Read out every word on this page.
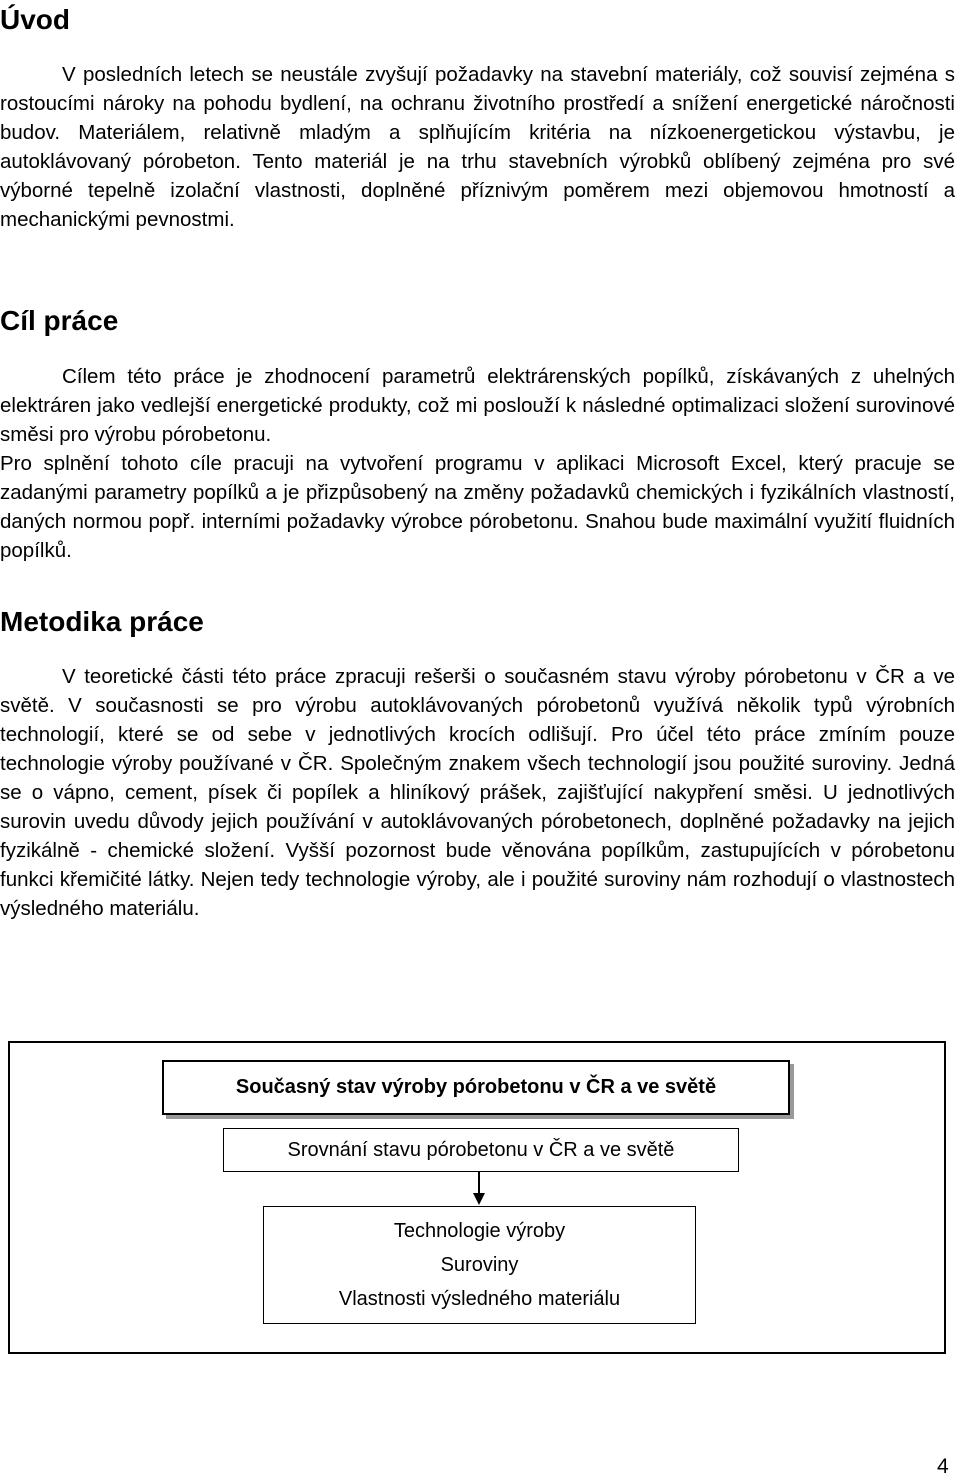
Úvod

V posledních letech se neustále zvyšují požadavky na stavební materiály, což souvisí zejména s rostoucími nároky na pohodu bydlení, na ochranu životního prostředí a snížení energetické náročnosti budov. Materiálem, relativně mladým a splňujícím kritéria na nízkoenergetickou výstavbu, je autoklávovaný pórobeton. Tento materiál je na trhu stavebních výrobků oblíbený zejména pro své výborné tepelně izolační vlastnosti, doplněné příznivým poměrem mezi objemovou hmotností a mechanickými pevnostmi.

Cíl práce

Cílem této práce je zhodnocení parametrů elektrárenských popílků, získávaných z uhelných elektráren jako vedlejší energetické produkty, což mi poslouží k následné optimalizaci složení surovinové směsi pro výrobu pórobetonu.

Pro splnění tohoto cíle pracuji na vytvoření programu v aplikaci Microsoft Excel, který pracuje se zadanými parametry popílků a je přizpůsobený na změny požadavků chemických i fyzikálních vlastností, daných normou popř. interními požadavky výrobce pórobetonu. Snahou bude maximální využití fluidních popílků.

Metodika práce

V teoretické části této práce zpracuji rešerši o současném stavu výroby pórobetonu v ČR a ve světě. V současnosti se pro výrobu autoklávovaných pórobetonů využívá několik typů výrobních technologií, které se od sebe v jednotlivých krocích odlišují. Pro účel této práce zmíním pouze technologie výroby používané v ČR. Společným znakem všech technologií jsou použité suroviny. Jedná se o vápno, cement, písek či popílek a hliníkový prášek, zajišťující nakypření směsi. U jednotlivých surovin uvedu důvody jejich používání v autoklávovaných pórobetonech, doplněné požadavky na jejich fyzikálně - chemické složení. Vyšší pozornost bude věnována popílkům, zastupujících v pórobetonu funkci křemičité látky. Nejen tedy technologie výroby, ale i použité suroviny nám rozhodují o vlastnostech výsledného materiálu.

Současný stav výroby pórobetonu v ČR a ve světě
Srovnání stavu pórobetonu v ČR a ve světě
Technologie výroby
Suroviny
Vlastnosti výsledného materiálu
4
